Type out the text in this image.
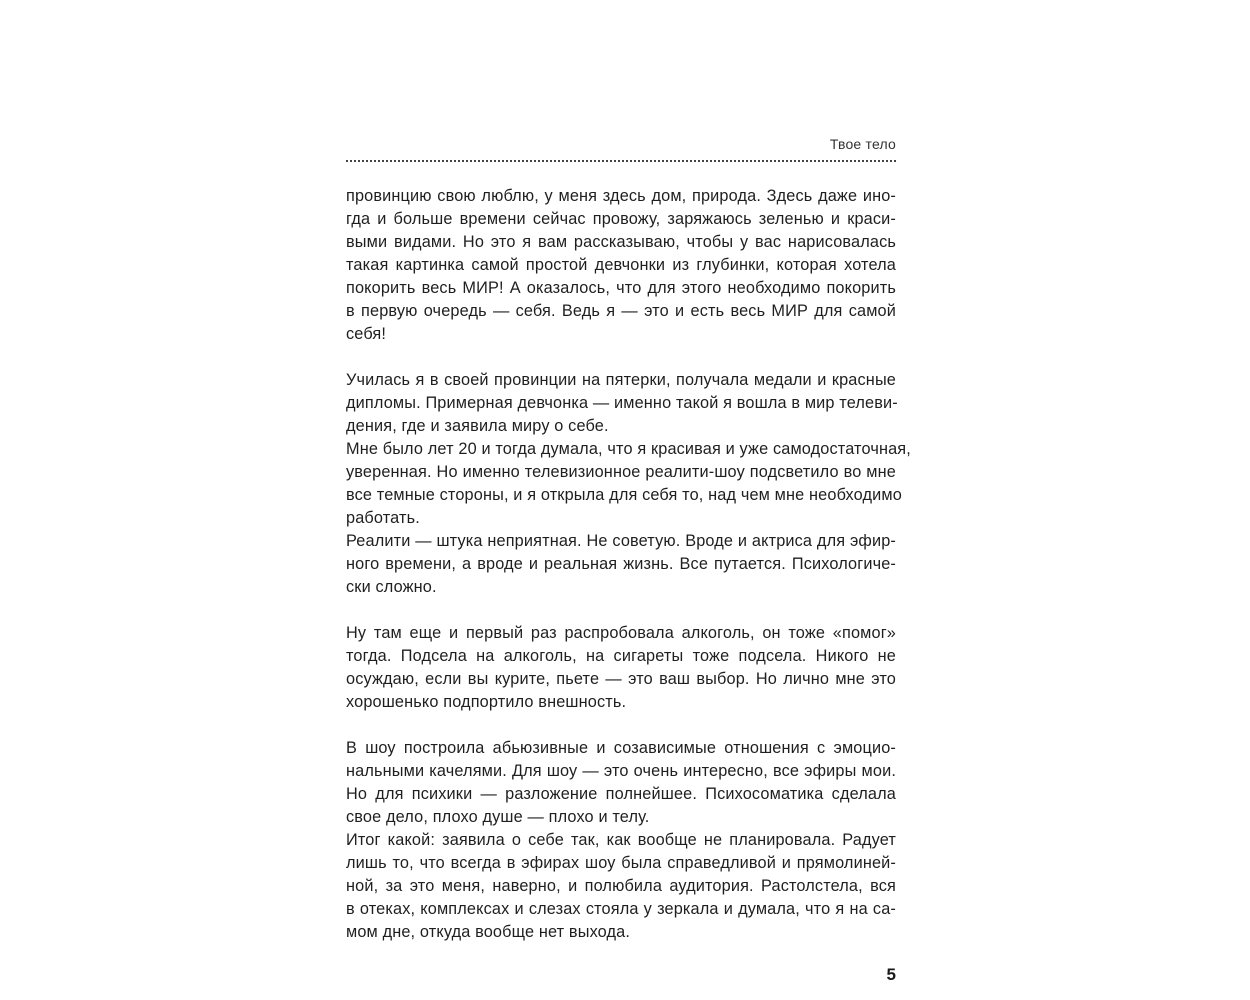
Твое тело

провинцию свою люблю, у меня здесь дом, природа. Здесь даже ино-
гда и больше времени сейчас провожу, заряжаюсь зеленью и краси-
выми видами. Но это я вам рассказываю, чтобы у вас нарисовалась
такая картинка самой простой девчонки из глубинки, которая хотела
покорить весь МИР! А оказалось, что для этого необходимо покорить
в первую очередь — себя. Ведь я — это и есть весь МИР для самой
себя!

Училась я в своей провинции на пятерки, получала медали и красные
дипломы. Примерная девчонка — именно такой я вошла в мир телеви-
дения, где и заявила миру о себе.

Мне было лет 20 и тогда думала, что я красивая и уже самодостаточная,
уверенная. Но именно телевизионное реалити-шоу подсветило во мне
все темные стороны, и я открыла для себя то, над чем мне необходимо
работать.

Реалити — штука неприятная. Не советую. Вроде и актриса для эфир-
ного времени, а вроде и реальная жизнь. Все путается. Психологиче-
ски сложно.

Ну там еще и первый раз распробовала алкоголь, он тоже «помог»
тогда. Подсела на алкоголь, на сигареты тоже подсела. Никого не
осуждаю, если вы курите, пьете — это ваш выбор. Но лично мне это
хорошенько подпортило внешность.

В шоу построила абьюзивные и созависимые отношения с эмоцио-
нальными качелями. Для шоу — это очень интересно, все эфиры мои.
Но для психики — разложение полнейшее. Психосоматика сделала
свое дело, плохо душе — плохо и телу.

Итог какой: заявила о себе так, как вообще не планировала. Радует
лишь то, что всегда в эфирах шоу была справедливой и прямолиней-
ной, за это меня, наверно, и полюбила аудитория. Растолстела, вся
в отеках, комплексах и слезах стояла у зеркала и думала, что я на са-
мом дне, откуда вообще нет выхода.

5
